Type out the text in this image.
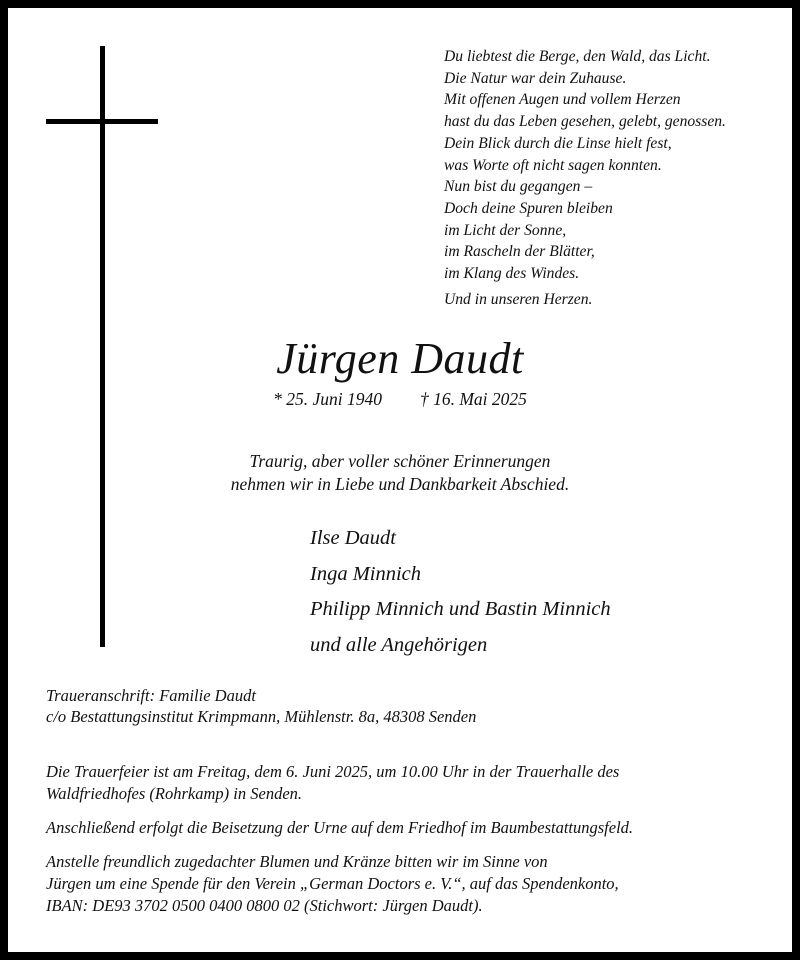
Du liebtest die Berge, den Wald, das Licht.
Die Natur war dein Zuhause.
Mit offenen Augen und vollem Herzen
hast du das Leben gesehen, gelebt, genossen.
Dein Blick durch die Linse hielt fest,
was Worte oft nicht sagen konnten.
Nun bist du gegangen –
Doch deine Spuren bleiben
im Licht der Sonne,
im Rascheln der Blätter,
im Klang des Windes.
Und in unseren Herzen.
Jürgen Daudt
* 25. Juni 1940 † 16. Mai 2025
Traurig, aber voller schöner Erinnerungen
nehmen wir in Liebe und Dankbarkeit Abschied.
Ilse Daudt
Inga Minnich
Philipp Minnich und Bastin Minnich
und alle Angehörigen
Traueranschrift: Familie Daudt
c/o Bestattungsinstitut Krimpmann, Mühlenstr. 8a, 48308 Senden
Die Trauerfeier ist am Freitag, dem 6. Juni 2025, um 10.00 Uhr in der Trauerhalle des
Waldfriedhofes (Rohrkamp) in Senden.
Anschließend erfolgt die Beisetzung der Urne auf dem Friedhof im Baumbestattungsfeld.
Anstelle freundlich zugedachter Blumen und Kränze bitten wir im Sinne von
Jürgen um eine Spende für den Verein „German Doctors e. V.“, auf das Spendenkonto,
IBAN: DE93 3702 0500 0400 0800 02 (Stichwort: Jürgen Daudt).
